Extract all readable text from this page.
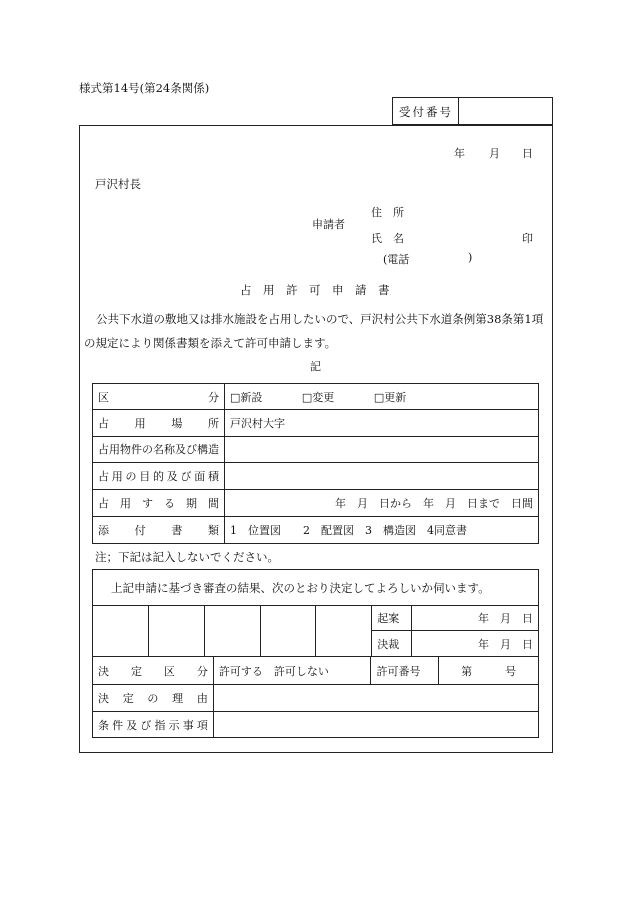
様式第14号(第24条関係)
受付番号
年 月 日
戸沢村長
住　所
申請者
氏　名	印
(電話	)
占　用　許　可　申　請　書
公共下水道の敷地又は排水施設を占用したいので、戸沢村公共下水道条例第38条第1項の規定により関係書類を添えて許可申請します。
記
区　　　　　分	□新設 □変更 □更新
占　用　場　所	戸沢村大字
占用物件の名称及び構造	
占用の目的及び面積	
占　用　す　る　期　間	年　月　日から　年　月　日まで　日間
添　付　書　類	1　位置図　　2　配置図　3　構造図　4同意書
注；下記は記入しないでください。
上記申請に基づき審査の結果、次のとおり決定してよろしいか伺います。						
					起案	年　月　日
					決裁	年　月　日
決　定　区　分	許可する　許可しない	許可番号	第　　　号
決　定　の　理　由			
条件及び指示事項			
